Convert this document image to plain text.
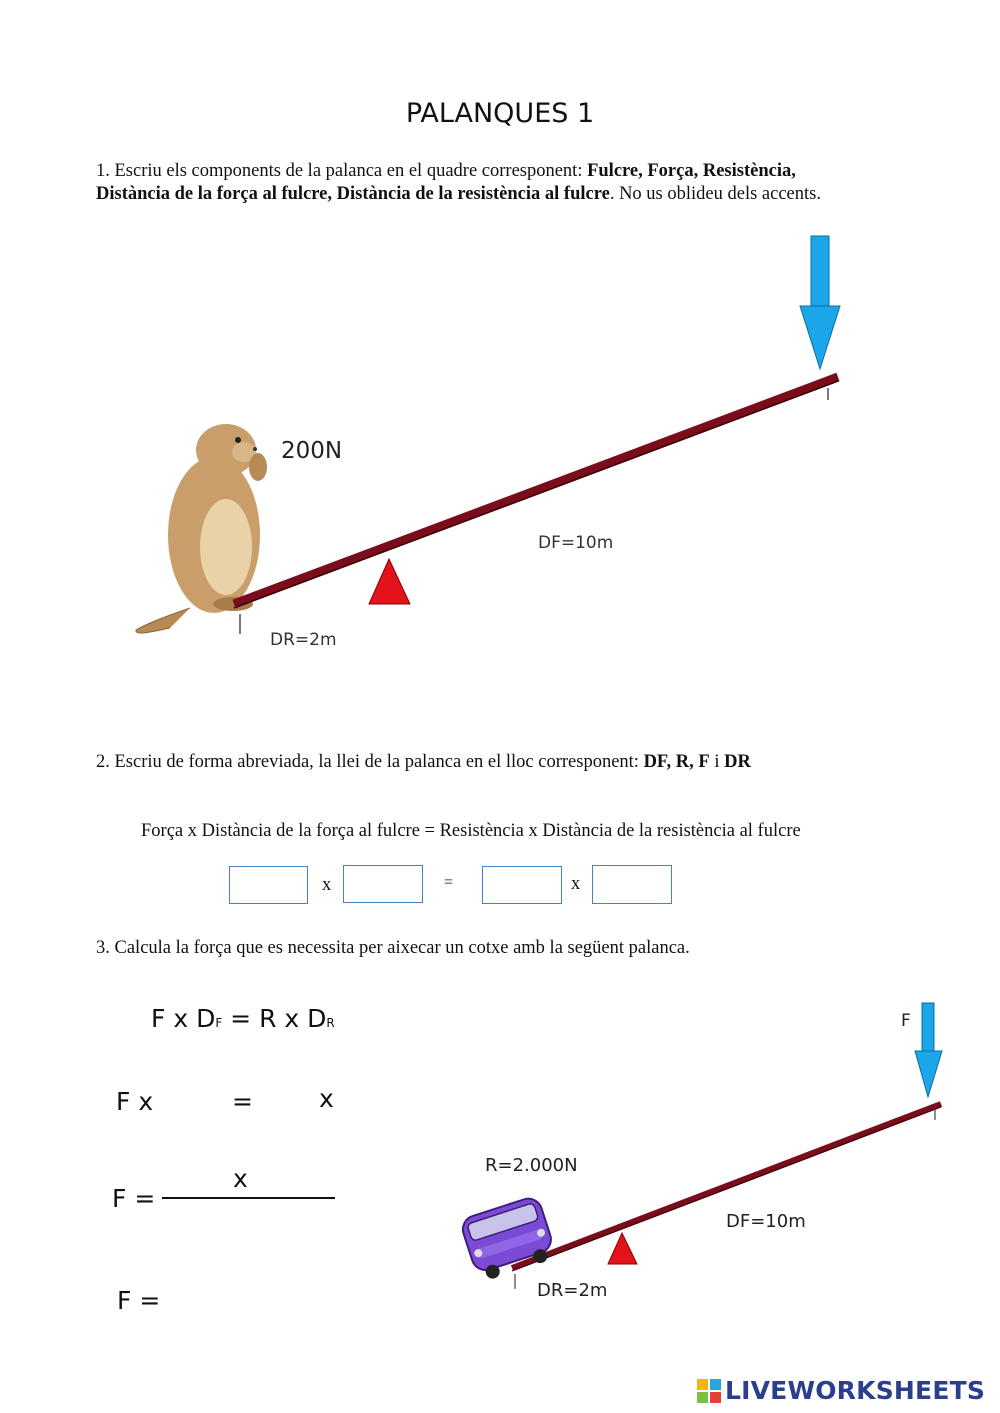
PALANQUES 1
1. Escriu els components de la palanca en el quadre corresponent: Fulcre, Força, Resistència,
Distància de la força al fulcre, Distància de la resistència al fulcre. No us oblideu dels accents.
200N
DF=10m
DR=2m
2. Escriu de forma abreviada, la llei de la palanca en el lloc corresponent: DF, R, F i DR
Força x Distància de la força al fulcre = Resistència x Distància de la resistència al fulcre
x	=	x
3. Calcula la força que es necessita per aixecar un cotxe amb la següent palanca.
F x DF = R x DR
F x	=	x
F =
x
F =
F
R=2.000N
DF=10m
DR=2m
LIVEWORKSHEETS
